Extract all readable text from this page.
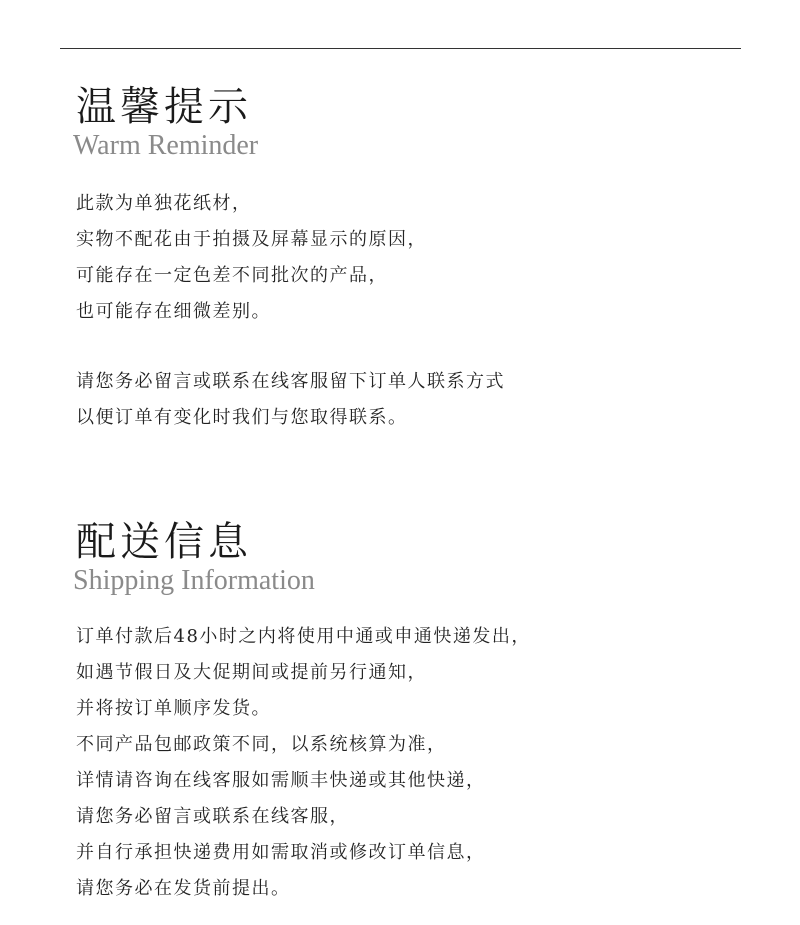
温馨提示
Warm Reminder
此款为单独花纸材，
实物不配花由于拍摄及屏幕显示的原因，
可能存在一定色差不同批次的产品，
也可能存在细微差别。
请您务必留言或联系在线客服留下订单人联系方式
以便订单有变化时我们与您取得联系。
配送信息
Shipping Information
订单付款后48小时之内将使用中通或申通快递发出，
如遇节假日及大促期间或提前另行通知，
并将按订单顺序发货。
不同产品包邮政策不同，以系统核算为准，
详情请咨询在线客服如需顺丰快递或其他快递，
请您务必留言或联系在线客服，
并自行承担快递费用如需取消或修改订单信息，
请您务必在发货前提出。
